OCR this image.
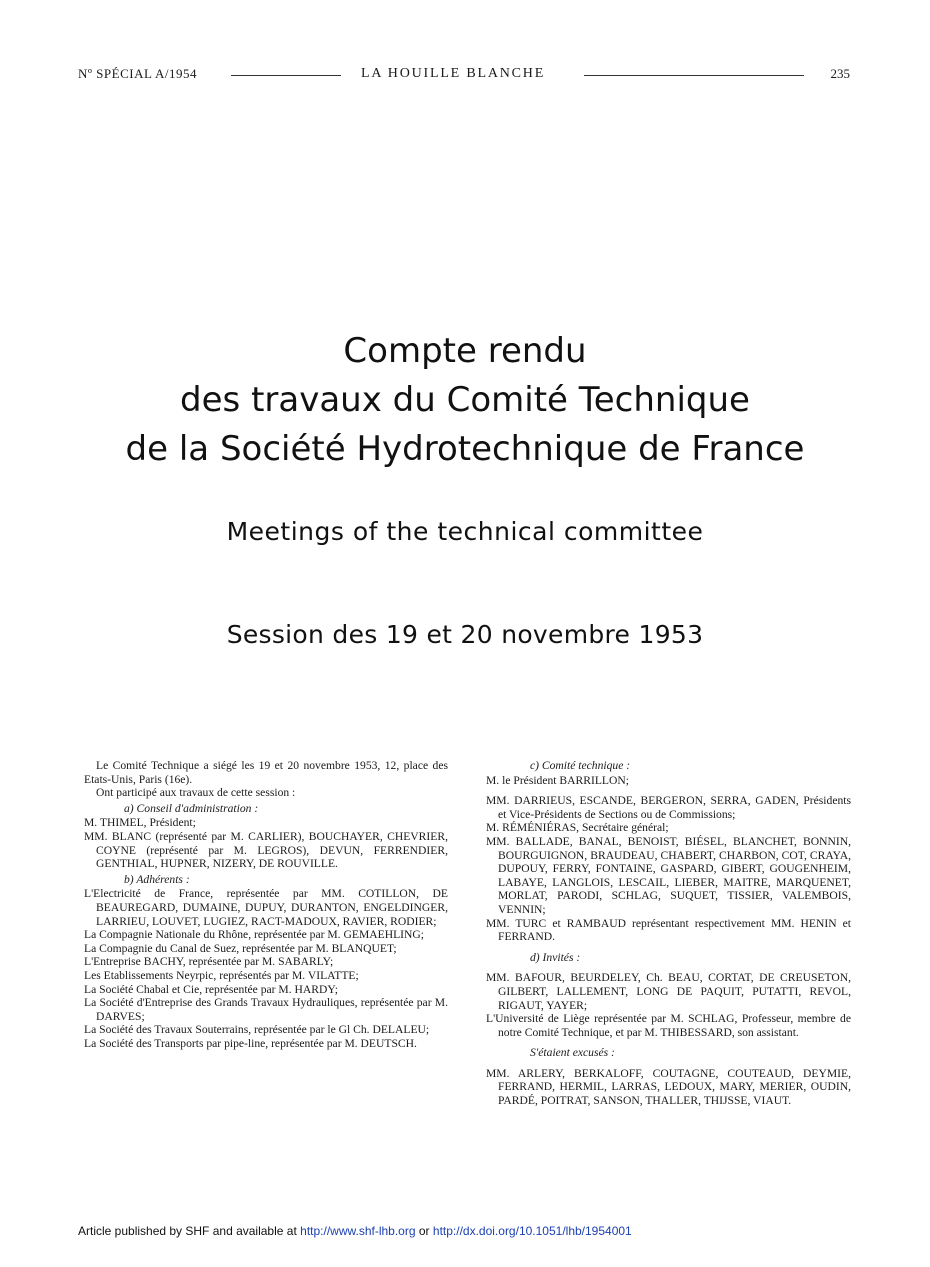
Nº SPÉCIAL A/1954	LA HOUILLE BLANCHE	235
Compte rendu
des travaux du Comité Technique
de la Société Hydrotechnique de France
Meetings of the technical committee
Session des 19 et 20 novembre 1953

Le Comité Technique a siégé les 19 et 20 novembre 1953, 12, place des Etats-Unis, Paris (16e).

Ont participé aux travaux de cette session :

a) Conseil d'administration :

M. THIMEL, Président;

MM. BLANC (représenté par M. CARLIER), BOUCHAYER, CHEVRIER, COYNE (représenté par M. LEGROS), DEVUN, FERRENDIER, GENTHIAL, HUPNER, NIZERY, DE ROUVILLE.

b) Adhérents :

L'Electricité de France, représentée par MM. COTILLON, DE BEAUREGARD, DUMAINE, DUPUY, DURANTON, ENGELDINGER, LARRIEU, LOUVET, LUGIEZ, RACT-MADOUX, RAVIER, RODIER;

La Compagnie Nationale du Rhône, représentée par M. GEMAEHLING;

La Compagnie du Canal de Suez, représentée par M. BLANQUET;

L'Entreprise BACHY, représentée par M. SABARLY;

Les Etablissements Neyrpic, représentés par M. VILATTE;

La Société Chabal et Cie, représentée par M. HARDY;

La Société d'Entreprise des Grands Travaux Hydrauliques, représentée par M. DARVES;

La Société des Travaux Souterrains, représentée par le Gl Ch. DELALEU;

La Société des Transports par pipe-line, représentée par M. DEUTSCH.

c) Comité technique :

M. le Président BARRILLON;

MM. DARRIEUS, ESCANDE, BERGERON, SERRA, GADEN, Présidents et Vice-Présidents de Sections ou de Commissions;

M. RÉMÉNIÉRAS, Secrétaire général;

MM. BALLADE, BANAL, BENOIST, BIÉSEL, BLANCHET, BONNIN, BOURGUIGNON, BRAUDEAU, CHABERT, CHARBON, COT, CRAYA, DUPOUY, FERRY, FONTAINE, GASPARD, GIBERT, GOUGENHEIM, LABAYE, LANGLOIS, LESCAIL, LIEBER, MAITRE, MARQUENET, MORLAT, PARODI, SCHLAG, SUQUET, TISSIER, VALEMBOIS, VENNIN;

MM. TURC et RAMBAUD représentant respectivement MM. HENIN et FERRAND.

d) Invités :

MM. BAFOUR, BEURDELEY, Ch. BEAU, CORTAT, DE CREUSETON, GILBERT, LALLEMENT, LONG DE PAQUIT, PUTATTI, REVOL, RIGAUT, YAYER;

L'Université de Liège représentée par M. SCHLAG, Professeur, membre de notre Comité Technique, et par M. THIBESSARD, son assistant.

S'étaient excusés :

MM. ARLERY, BERKALOFF, COUTAGNE, COUTEAUD, DEYMIE, FERRAND, HERMIL, LARRAS, LEDOUX, MARY, MERIER, OUDIN, PARDÉ, POITRAT, SANSON, THALLER, THIJSSE, VIAUT.

Article published by SHF and available at http://www.shf-lhb.org or http://dx.doi.org/10.1051/lhb/1954001
